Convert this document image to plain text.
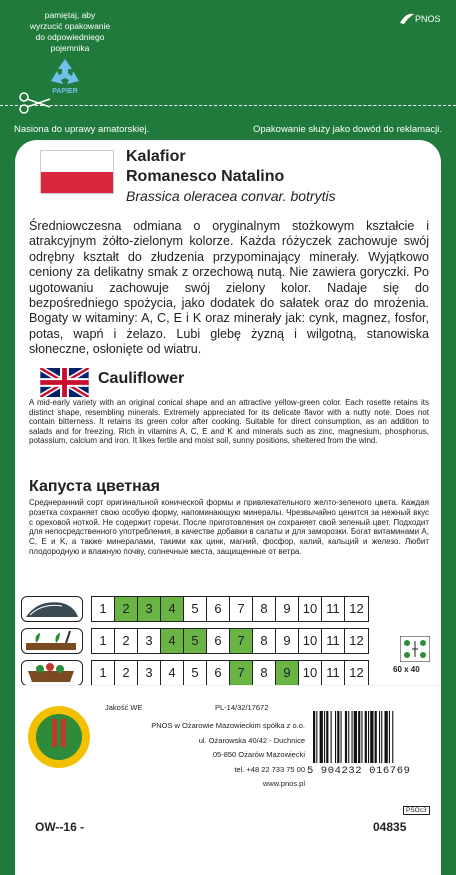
pamiętaj, aby
wyrzucić opakowanie
do odpowiedniego
pojemnika
PAPIER
PNOS
Nasiona do uprawy amatorskiej.	Opakowanie służy jako dowód do reklamacji.
Kalafior
Romanesco Natalino
Brassica oleracea convar. botrytis
Średniowczesna odmiana o oryginalnym stożkowym kształcie i atrakcyjnym żółto-zielonym kolorze. Każda różyczek zachowuje swój odrębny kształt do złudzenia przypominający minerały. Wyjątkowo ceniony za delikatny smak z orzechową nutą. Nie zawiera goryczki. Po ugotowaniu zachowuje swój zielony kolor. Nadaje się do bezpośredniego spożycia, jako dodatek do sałatek oraz do mrożenia. Bogaty w witaminy: A, C, E i K oraz minerały jak: cynk, magnez, fosfor, potas, wapń i żelazo. Lubi glebę żyzną i wilgotną, stanowiska słoneczne, osłonięte od wiatru.
Cauliflower
A mid-early variety with an original conical shape and an attractive yellow-green color. Each rosette retains its distinct shape, resembling minerals. Extremely appreciated for its delicate flavor with a nutty note. Does not contain bitterness. It retains its green color after cooking. Suitable for direct consumption, as an addition to salads and for freezing. Rich in vitamins A, C, E and K and minerals such as zinc, magnesium, phosphorus, potassium, calcium and iron. It likes fertile and moist soil, sunny positions, sheltered from the wind.
Капуста цветная
Среднеранний сорт оригинальной конической формы и привлекательного желто-зеленого цвета. Каждая розетка сохраняет свою особую форму, напоминающую минералы. Чрезвычайно ценится за нежный вкус с ореховой ноткой. Не содержит горечи. После приготовления он сохраняет свой зеленый цвет. Подходит для непосредственного употребления, в качестве добавки в салаты и для заморозки. Богат витаминами A, C, E и K, а также минералами, такими как цинк, магний, фосфор, калий, кальций и железо. Любит плодородную и влажную почву, солнечные места, защищенные от ветра.
1	2	3	4	5	6	7	8	9 10 11 12
1	2	3	4	5	6	7	8	9 10 11 12
1	2	3	4	5	6	7	8	9 10 11 12	60 x 40
Jakość WE	PL-14/32/17672
PNOS w Ożarowie Mazowieckim spółka z o.o.
ul. Ożarowska 40/42 - Duchnice
05-850 Ożarów Mazowiecki
tel. +48 22 733 75 00
www.pnos.pl
5 904232 016769
PSOc3
OW--16 -	04835
